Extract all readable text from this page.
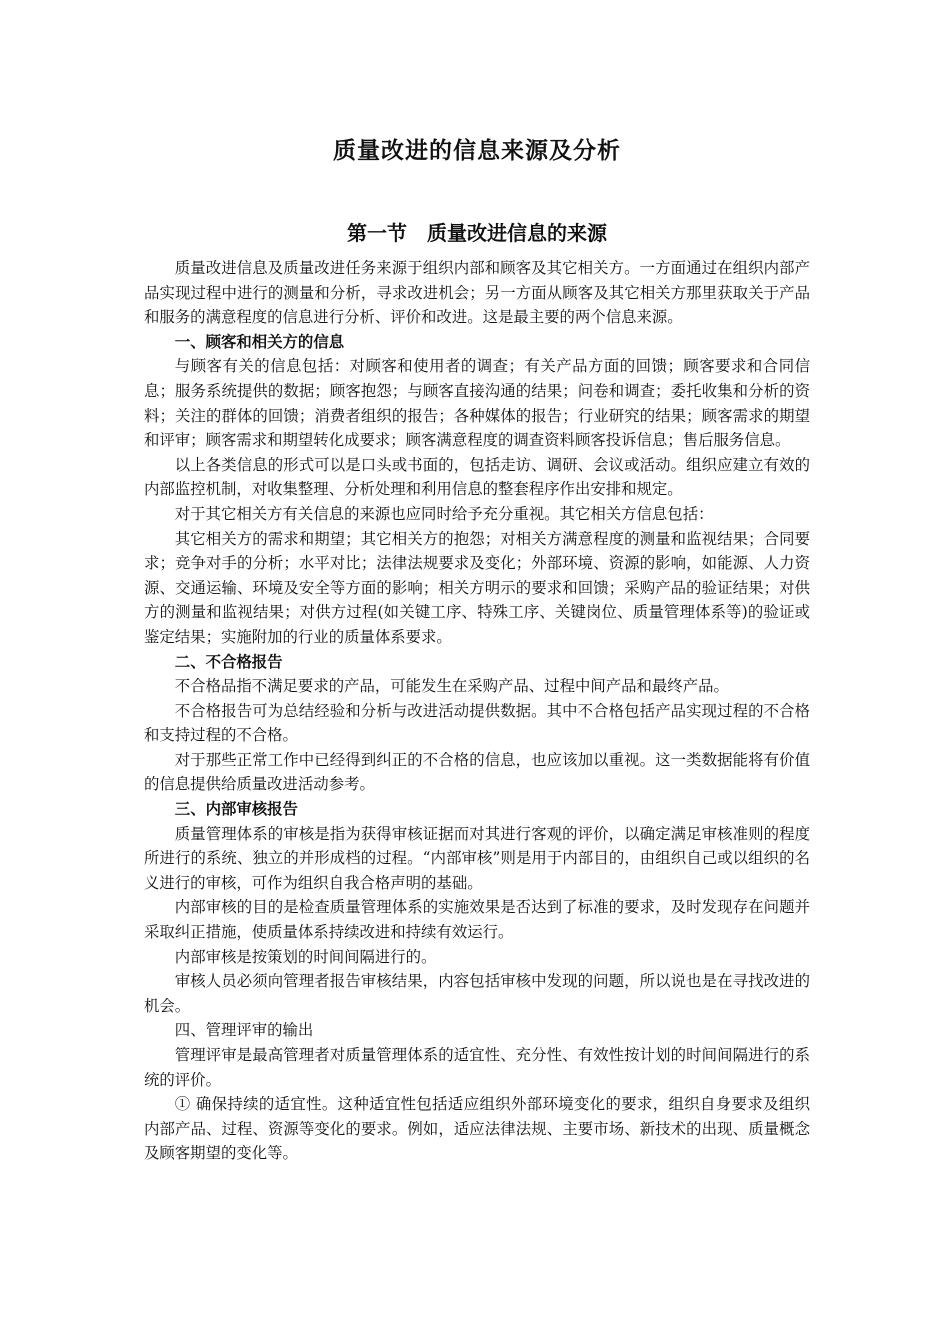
质量改进的信息来源及分析
第一节　质量改进信息的来源

质量改进信息及质量改进任务来源于组织内部和顾客及其它相关方。一方面通过在组织内部产品实现过程中进行的测量和分析，寻求改进机会；另一方面从顾客及其它相关方那里获取关于产品和服务的满意程度的信息进行分析、评价和改进。这是最主要的两个信息来源。

一、顾客和相关方的信息

与顾客有关的信息包括：对顾客和使用者的调查；有关产品方面的回馈；顾客要求和合同信息；服务系统提供的数据；顾客抱怨；与顾客直接沟通的结果；问卷和调查；委托收集和分析的资料；关注的群体的回馈；消费者组织的报告；各种媒体的报告；行业研究的结果；顾客需求的期望和评审；顾客需求和期望转化成要求；顾客满意程度的调查资料顾客投诉信息；售后服务信息。

以上各类信息的形式可以是口头或书面的，包括走访、调研、会议或活动。组织应建立有效的内部监控机制，对收集整理、分析处理和利用信息的整套程序作出安排和规定。

对于其它相关方有关信息的来源也应同时给予充分重视。其它相关方信息包括：

其它相关方的需求和期望；其它相关方的抱怨；对相关方满意程度的测量和监视结果；合同要求；竞争对手的分析；水平对比；法律法规要求及变化；外部环境、资源的影响，如能源、人力资源、交通运输、环境及安全等方面的影响；相关方明示的要求和回馈；采购产品的验证结果；对供方的测量和监视结果；对供方过程(如关键工序、特殊工序、关键岗位、质量管理体系等)的验证或鉴定结果；实施附加的行业的质量体系要求。

二、不合格报告

不合格品指不满足要求的产品，可能发生在采购产品、过程中间产品和最终产品。

不合格报告可为总结经验和分析与改进活动提供数据。其中不合格包括产品实现过程的不合格和支持过程的不合格。

对于那些正常工作中已经得到纠正的不合格的信息，也应该加以重视。这一类数据能将有价值的信息提供给质量改进活动参考。

三、内部审核报告

质量管理体系的审核是指为获得审核证据而对其进行客观的评价，以确定满足审核准则的程度所进行的系统、独立的并形成档的过程。“内部审核”则是用于内部目的，由组织自己或以组织的名义进行的审核，可作为组织自我合格声明的基础。

内部审核的目的是检查质量管理体系的实施效果是否达到了标准的要求，及时发现存在问题并采取纠正措施，使质量体系持续改进和持续有效运行。

内部审核是按策划的时间间隔进行的。

审核人员必须向管理者报告审核结果，内容包括审核中发现的问题，所以说也是在寻找改进的机会。

四、管理评审的输出

管理评审是最高管理者对质量管理体系的适宜性、充分性、有效性按计划的时间间隔进行的系统的评价。

① 确保持续的适宜性。这种适宜性包括适应组织外部环境变化的要求，组织自身要求及组织内部产品、过程、资源等变化的要求。例如，适应法律法规、主要市场、新技术的出现、质量概念及顾客期望的变化等。
